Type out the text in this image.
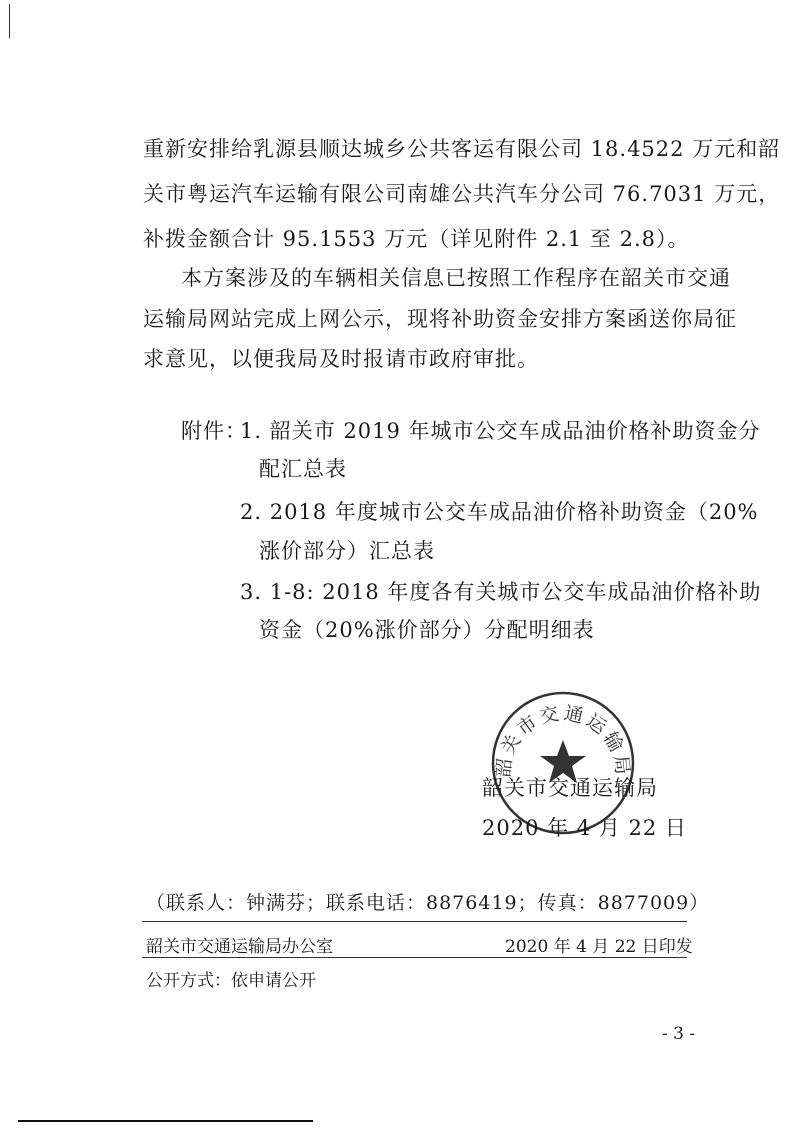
重新安排给乳源县顺达城乡公共客运有限公司 18.4522 万元和韶
关市粤运汽车运输有限公司南雄公共汽车分公司 76.7031 万元，
补拨金额合计 95.1553 万元（详见附件 2.1 至 2.8）。
本方案涉及的车辆相关信息已按照工作程序在韶关市交通
运输局网站完成上网公示，现将补助资金安排方案函送你局征
求意见，以便我局及时报请市政府审批。
附件：
1. 韶关市 2019 年城市公交车成品油价格补助资金分
配汇总表
2. 2018 年度城市公交车成品油价格补助资金（20%
涨价部分）汇总表
3. 1-8: 2018 年度各有关城市公交车成品油价格补助
资金（20%涨价部分）分配明细表
韶关市交通运输局
韶关市交通运输局
2020 年 4 月 22 日
（联系人：钟满芬；联系电话：8876419；传真：8877009）
韶关市交通运输局办公室	2020 年 4 月 22 日印发
公开方式：依申请公开
- 3 -
